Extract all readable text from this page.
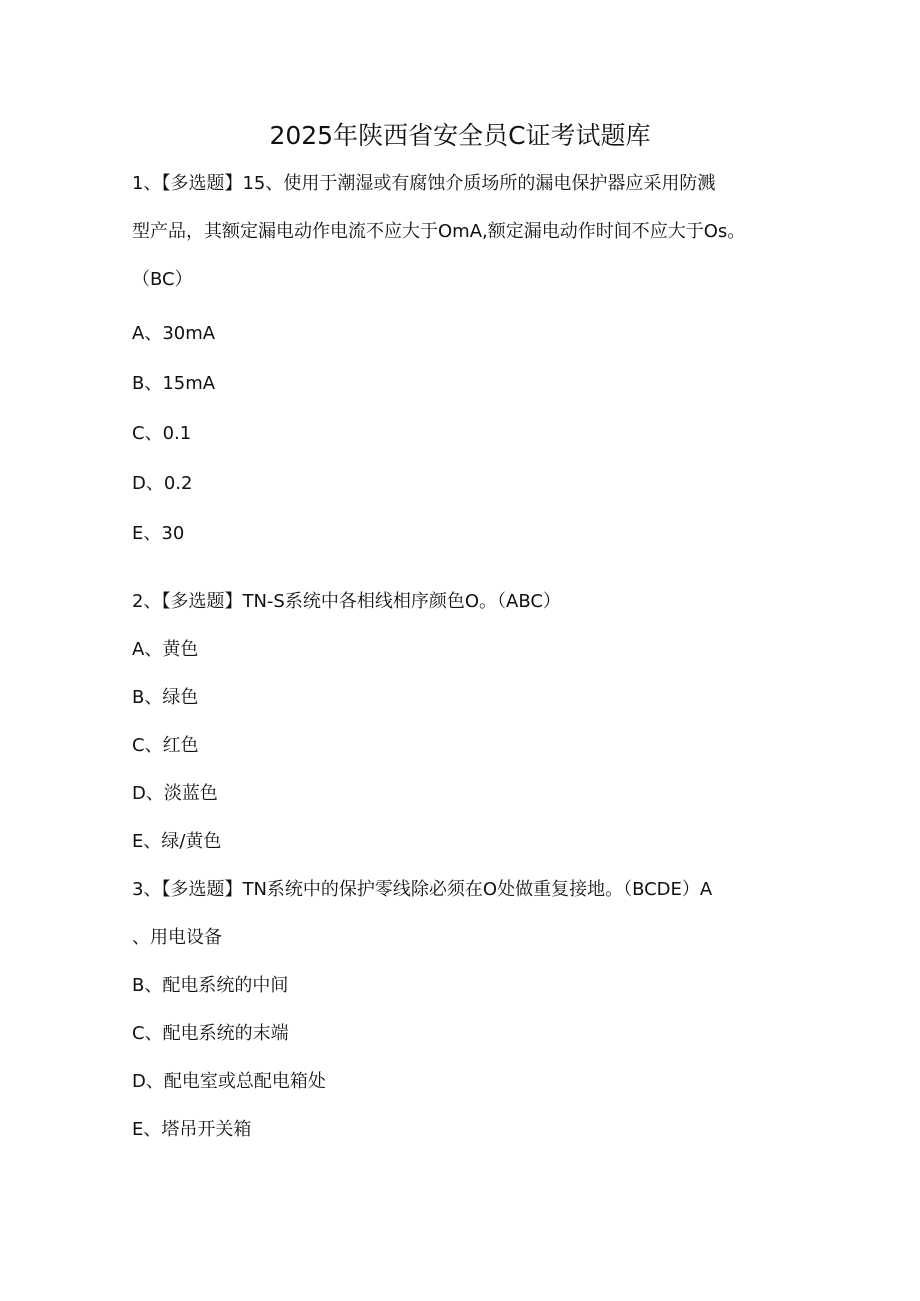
2025年陕西省安全员C证考试题库
1、【多选题】15、使用于潮湿或有腐蚀介质场所的漏电保护器应采用防溅
型产品，其额定漏电动作电流不应大于OmA,额定漏电动作时间不应大于Os。
（BC）
A、30mA
B、15mA
C、0.1
D、0.2
E、30
2、【多选题】TN-S系统中各相线相序颜色O。（ABC）
A、黄色
B、绿色
C、红色
D、淡蓝色
E、绿/黄色
3、【多选题】TN系统中的保护零线除必须在O处做重复接地。（BCDE）A
、用电设备
B、配电系统的中间
C、配电系统的末端
D、配电室或总配电箱处
E、塔吊开关箱
